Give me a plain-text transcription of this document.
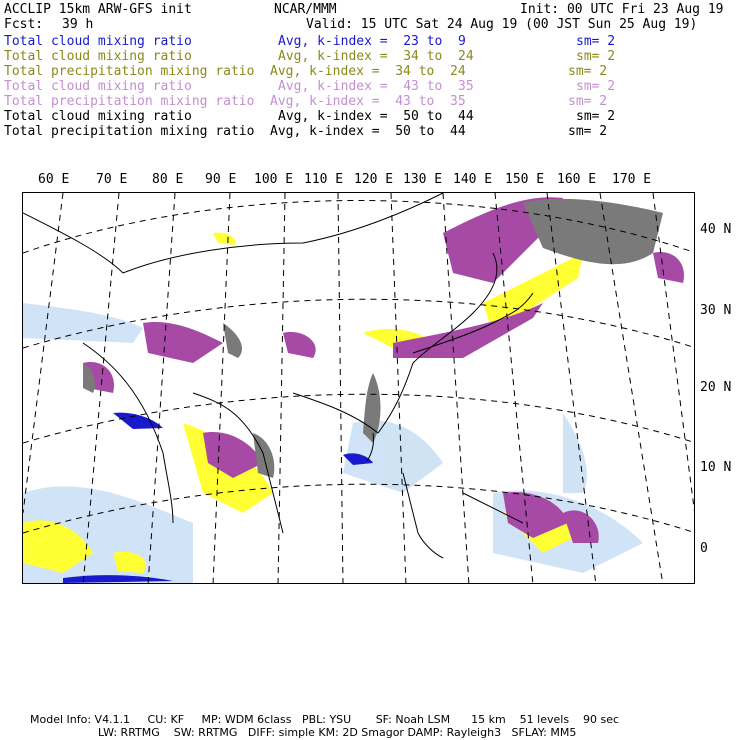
ACCLIP 15km ARW-GFS init	NCAR/MMM	Init: 00 UTC Fri 23 Aug 19
Fcst: 39 h	Valid: 15 UTC Sat 24 Aug 19 (00 JST Sun 25 Aug 19)
Total cloud mixing ratio	Avg, k-index =  23 to  9	sm= 2
Total cloud mixing ratio	Avg, k-index =  34 to  24	sm= 2
Total precipitation mixing ratio Avg, k-index =  34 to  24	sm= 2
Total cloud mixing ratio	Avg, k-index =  43 to  35	sm= 2
Total precipitation mixing ratio Avg, k-index =  43 to  35	sm= 2
Total cloud mixing ratio	Avg, k-index =  50 to  44	sm= 2
Total precipitation mixing ratio Avg, k-index =  50 to  44	sm= 2
60 E 70 E 80 E 90 E 100 E 110 E 120 E 130 E 140 E 150 E 160 E 170 E
40 N
30 N
20 N
10 N
0
Model Info: V4.1.1     CU: KF     MP: WDM 6class   PBL: YSU       SF: Noah LSM      15 km    51 levels    90 sec
LW: RRTMG    SW: RRTMG   DIFF: simple KM: 2D Smagor DAMP: Rayleigh3   SFLAY: MM5
